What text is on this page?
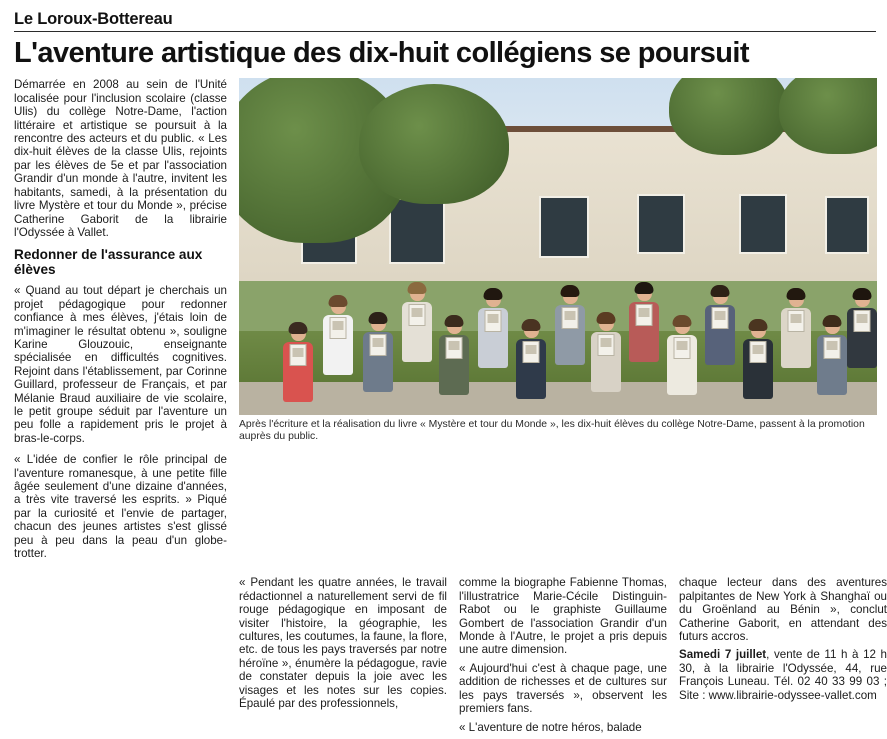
Le Loroux-Bottereau
L'aventure artistique des dix-huit collégiens se poursuit

Démarrée en 2008 au sein de l'Unité localisée pour l'inclusion scolaire (classe Ulis) du collège Notre-Dame, l'action littéraire et artistique se poursuit à la rencontre des acteurs et du public. « Les dix-huit élèves de la classe Ulis, rejoints par les élèves de 5e et par l'association Grandir d'un monde à l'autre, invitent les habitants, samedi, à la présentation du livre Mystère et tour du Monde », précise Catherine Gaborit de la librairie l'Odyssée à Vallet.

Redonner de l'assurance aux élèves

« Quand au tout départ je cherchais un projet pédagogique pour redonner confiance à mes élèves, j'étais loin de m'imaginer le résultat obtenu », souligne Karine Glouzouic, enseignante spécialisée en difficultés cognitives. Rejoint dans l'établissement, par Corinne Guillard, professeur de Français, et par Mélanie Braud auxiliaire de vie scolaire, le petit groupe séduit par l'aventure un peu folle a rapidement pris le projet à bras-le-corps.

« L'idée de confier le rôle principal de l'aventure romanesque, à une petite fille âgée seulement d'une dizaine d'années, a très vite traversé les esprits. » Piqué par la curiosité et l'envie de partager, chacun des jeunes artistes s'est glissé peu à peu dans la peau d'un globe-trotter.

Après l'écriture et la réalisation du livre « Mystère et tour du Monde », les dix-huit élèves du collège Notre-Dame, passent à la promotion auprès du public.

« Pendant les quatre années, le travail rédactionnel a naturellement servi de fil rouge pédagogique en imposant de visiter l'histoire, la géographie, les cultures, les coutumes, la faune, la flore, etc. de tous les pays traversés par notre héroïne », énumère la pédagogue, ravie de constater depuis la joie avec les visages et les notes sur les copies. Épaulé par des professionnels,

comme la biographe Fabienne Thomas, l'illustratrice Marie-Cécile Distinguin-Rabot ou le graphiste Guillaume Gombert de l'association Grandir d'un Monde à l'Autre, le projet a pris depuis une autre dimension.

« Aujourd'hui c'est à chaque page, une addition de richesses et de cultures sur les pays traversés », observent les premiers fans.

« L'aventure de notre héros, balade

chaque lecteur dans des aventures palpitantes de New York à Shanghaï ou du Groënland au Bénin », conclut Catherine Gaborit, en attendant des futurs accros.

Samedi 7 juillet, vente de 11 h à 12 h 30, à la librairie l'Odyssée, 44, rue François Luneau. Tél. 02 40 33 99 03 ; Site : www.librairie-odyssee-vallet.com
